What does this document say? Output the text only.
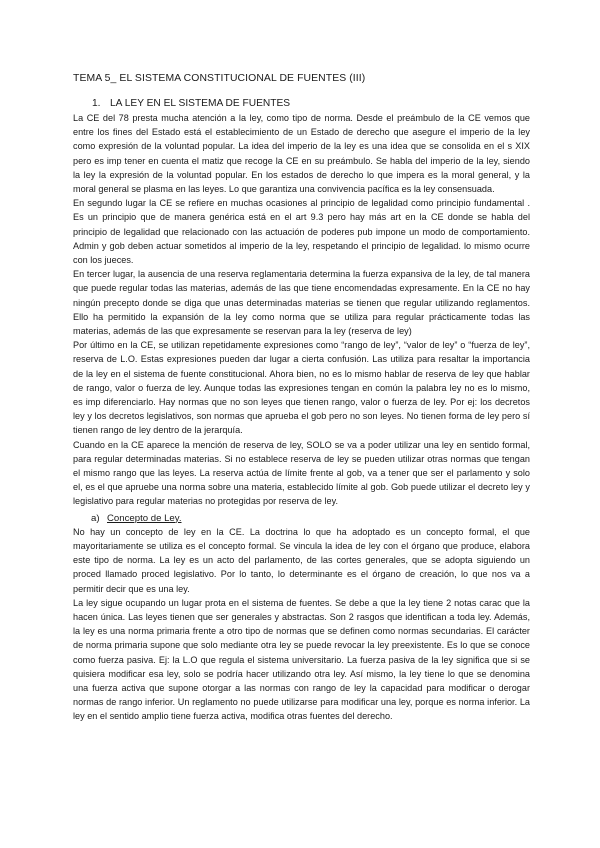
TEMA 5_ EL SISTEMA CONSTITUCIONAL DE FUENTES (III)
1. LA LEY EN EL SISTEMA DE FUENTES

La CE del 78 presta mucha atención a la ley, como tipo de norma. Desde el preámbulo de la CE vemos que entre los fines del Estado está el establecimiento de un Estado de derecho que asegure el imperio de la ley como expresión de la voluntad popular. La idea del imperio de la ley es una idea que se consolida en el s XIX pero es imp tener en cuenta el matiz que recoge la CE en su preámbulo. Se habla del imperio de la ley, siendo la ley la expresión de la voluntad popular. En los estados de derecho lo que impera es la moral general, y la moral general se plasma en las leyes. Lo que garantiza una convivencia pacífica es la ley consensuada.

En segundo lugar la CE se refiere en muchas ocasiones al principio de legalidad como principio fundamental . Es un principio que de manera genérica está en el art 9.3 pero hay más art en la CE donde se habla del principio de legalidad que relacionado con las actuación de poderes pub impone un modo de comportamiento. Admin y gob deben actuar sometidos al imperio de la ley, respetando el principio de legalidad. lo mismo ocurre con los jueces.

En tercer lugar, la ausencia de una reserva reglamentaria determina la fuerza expansiva de la ley, de tal manera que puede regular todas las materias, además de las que tiene encomendadas expresamente. En la CE no hay ningún precepto donde se diga que unas determinadas materias se tienen que regular utilizando reglamentos. Ello ha permitido la expansión de la ley como norma que se utiliza para regular prácticamente todas las materias, además de las que expresamente se reservan para la ley (reserva de ley)

Por último en la CE, se utilizan repetidamente expresiones como “rango de ley”, “valor de ley” o “fuerza de ley”, reserva de L.O. Estas expresiones pueden dar lugar a cierta confusión. Las utiliza para resaltar la importancia de la ley en el sistema de fuente constitucional. Ahora bien, no es lo mismo hablar de reserva de ley que hablar de rango, valor o fuerza de ley. Aunque todas las expresiones tengan en común la palabra ley no es lo mismo, es imp diferenciarlo. Hay normas que no son leyes que tienen rango, valor o fuerza de ley. Por ej: los decretos ley y los decretos legislativos, son normas que aprueba el gob pero no son leyes. No tienen forma de ley pero sí tienen rango de ley dentro de la jerarquía.

Cuando en la CE aparece la mención de reserva de ley, SOLO se va a poder utilizar una ley en sentido formal, para regular determinadas materias. Si no establece reserva de ley se pueden utilizar otras normas que tengan el mismo rango que las leyes. La reserva actúa de límite frente al gob, va a tener que ser el parlamento y solo el, es el que apruebe una norma sobre una materia, establecido límite al gob. Gob puede utilizar el decreto ley y legislativo para regular materias no protegidas por reserva de ley.

a) Concepto de Ley.

No hay un concepto de ley en la CE. La doctrina lo que ha adoptado es un concepto formal, el que mayoritariamente se utiliza es el concepto formal. Se vincula la idea de ley con el órgano que produce, elabora este tipo de norma. La ley es un acto del parlamento, de las cortes generales, que se adopta siguiendo un proced llamado proced legislativo. Por lo tanto, lo determinante es el órgano de creación, lo que nos va a permitir decir que es una ley.

La ley sigue ocupando un lugar prota en el sistema de fuentes. Se debe a que la ley tiene 2 notas carac que la hacen única. Las leyes tienen que ser generales y abstractas. Son 2 rasgos que identifican a toda ley. Además, la ley es una norma primaria frente a otro tipo de normas que se definen como normas secundarias. El carácter de norma primaria supone que solo mediante otra ley se puede revocar la ley preexistente. Es lo que se conoce como fuerza pasiva. Ej: la L.O que regula el sistema universitario. La fuerza pasiva de la ley significa que si se quisiera modificar esa ley, solo se podría hacer utilizando otra ley. Así mismo, la ley tiene lo que se denomina una fuerza activa que supone otorgar a las normas con rango de ley la capacidad para modificar o derogar normas de rango inferior. Un reglamento no puede utilizarse para modificar una ley, porque es norma inferior. La ley en el sentido amplio tiene fuerza activa, modifica otras fuentes del derecho.
